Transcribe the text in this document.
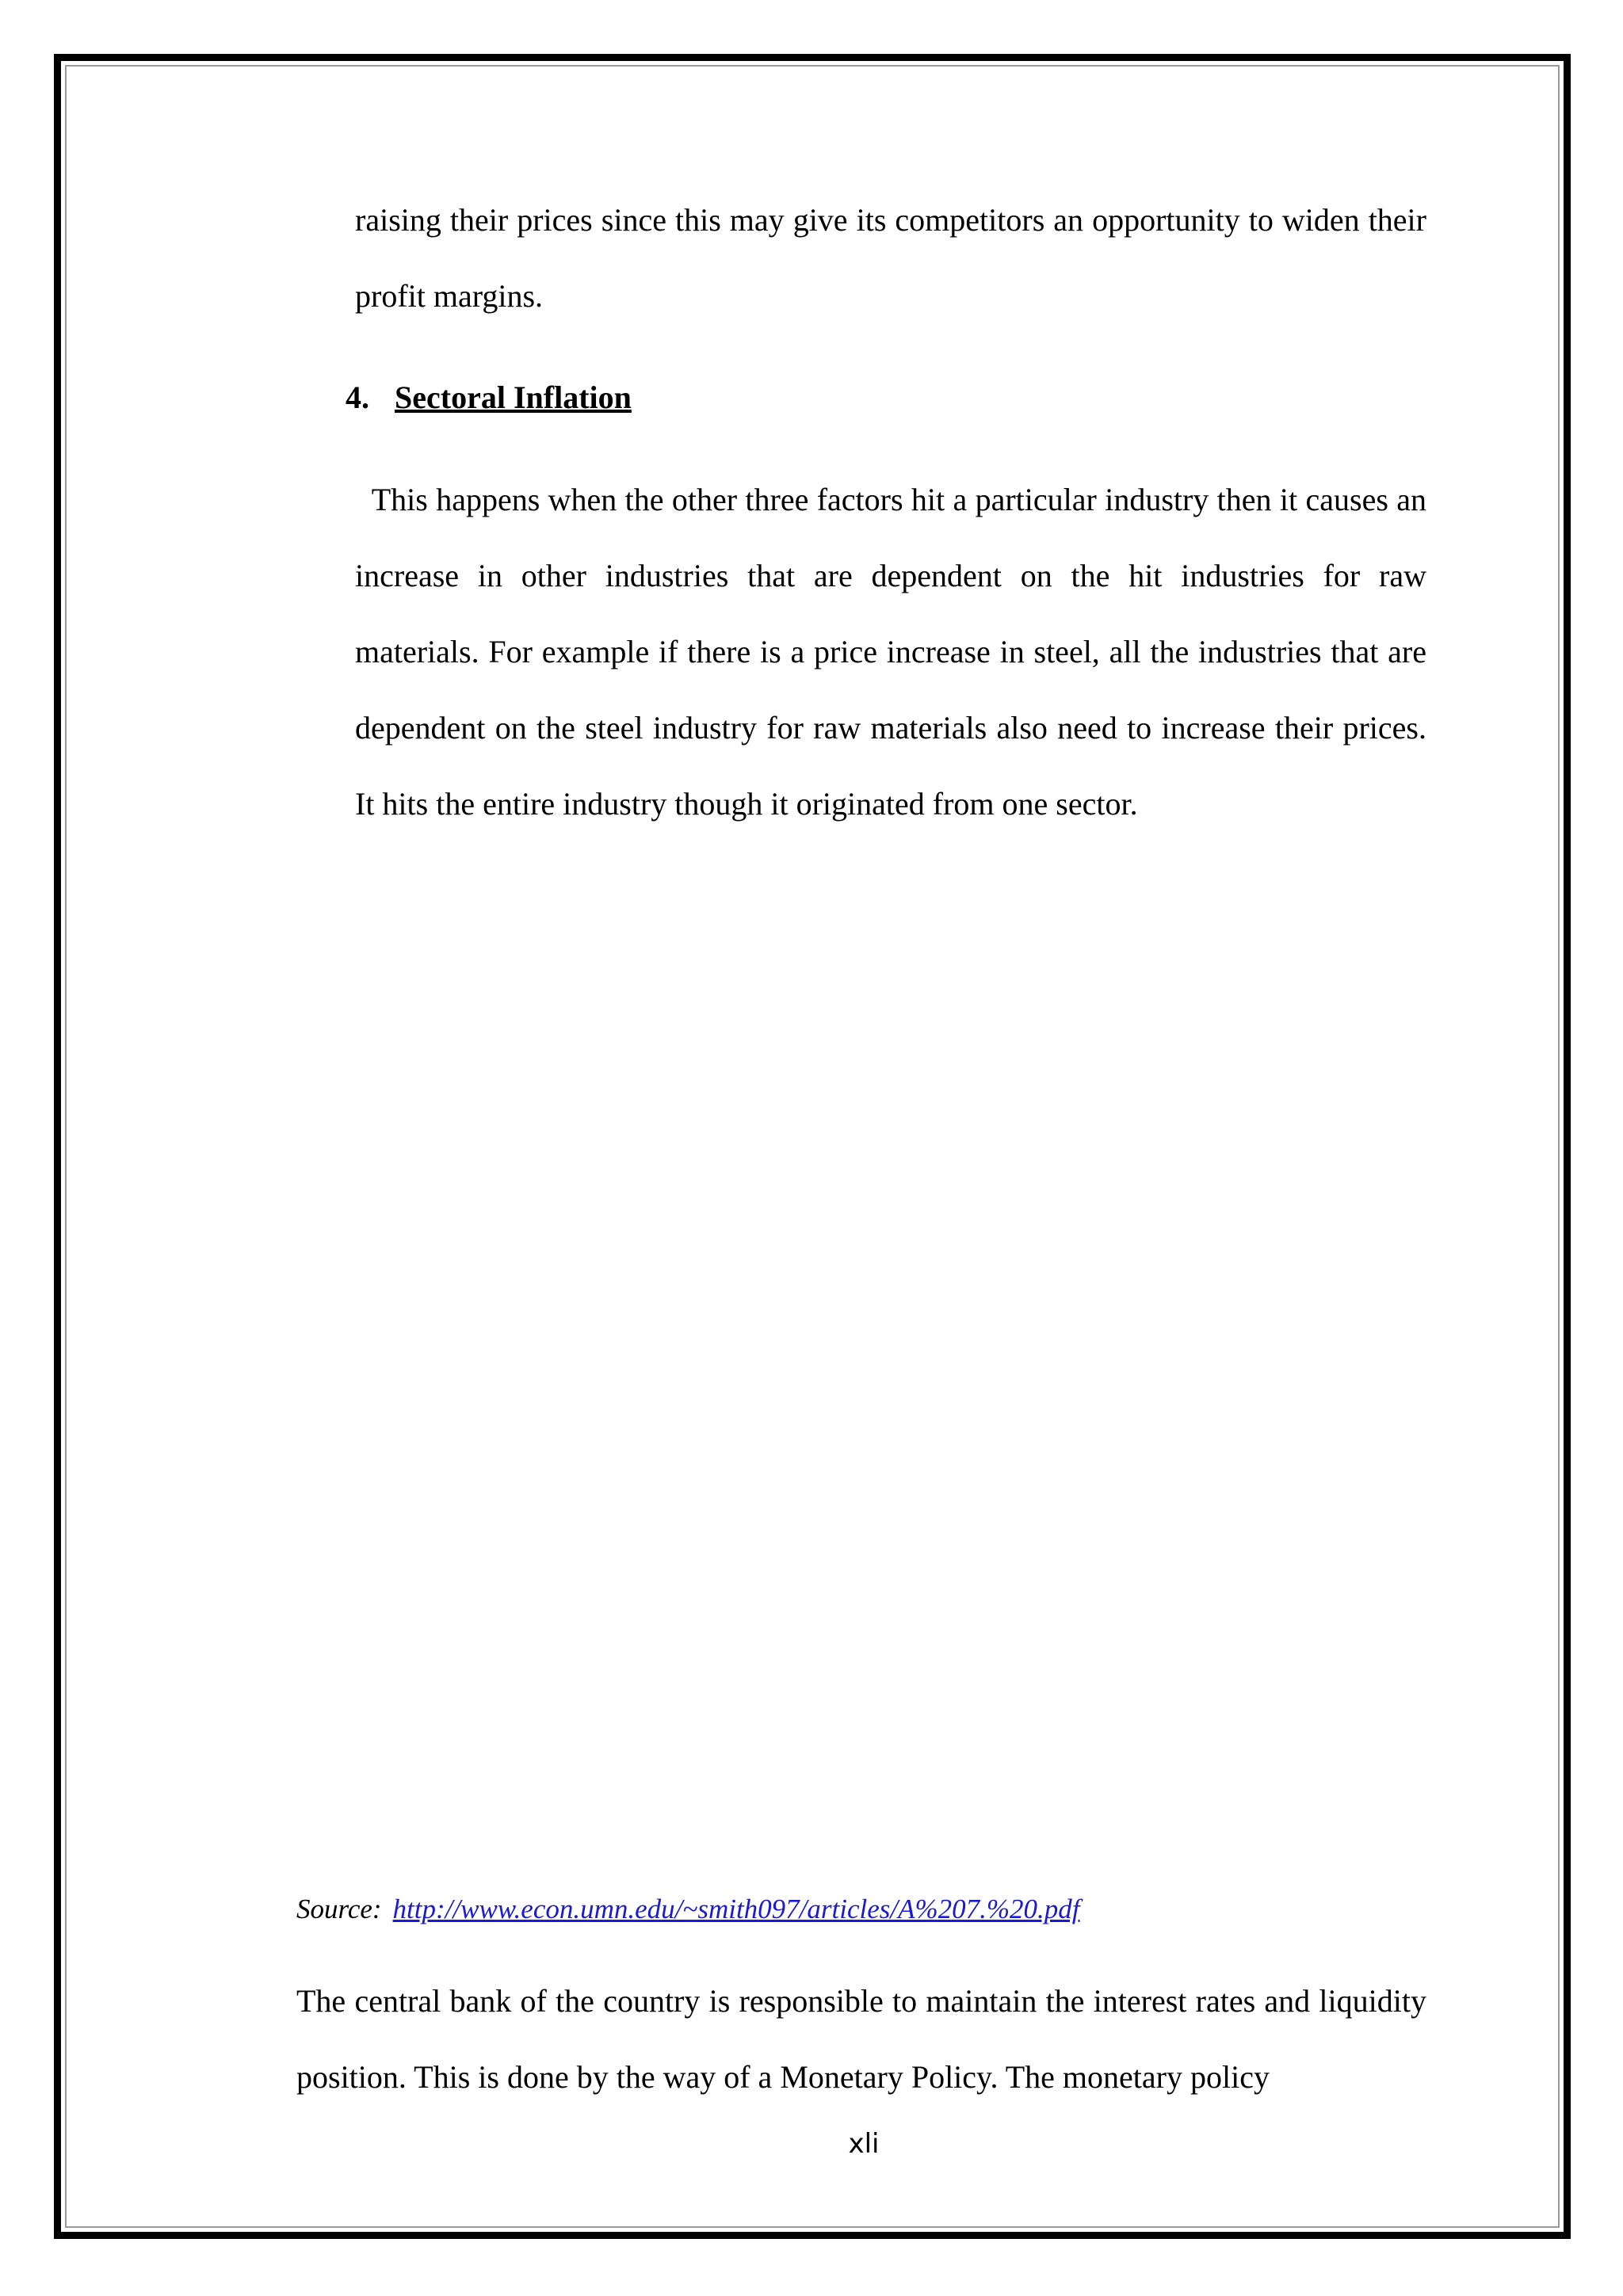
raising their prices since this may give its competitors an opportunity to widen their profit margins.

4. Sectoral Inflation

This happens when the other three factors hit a particular industry then it causes an increase in other industries that are dependent on the hit industries for raw materials. For example if there is a price increase in steel, all the industries that are dependent on the steel industry for raw materials also need to increase their prices. It hits the entire industry though it originated from one sector.

Source: http://www.econ.umn.edu/~smith097/articles/A%207.%20.pdf

The central bank of the country is responsible to maintain the interest rates and liquidity position. This is done by the way of a Monetary Policy. The monetary policy

xli
